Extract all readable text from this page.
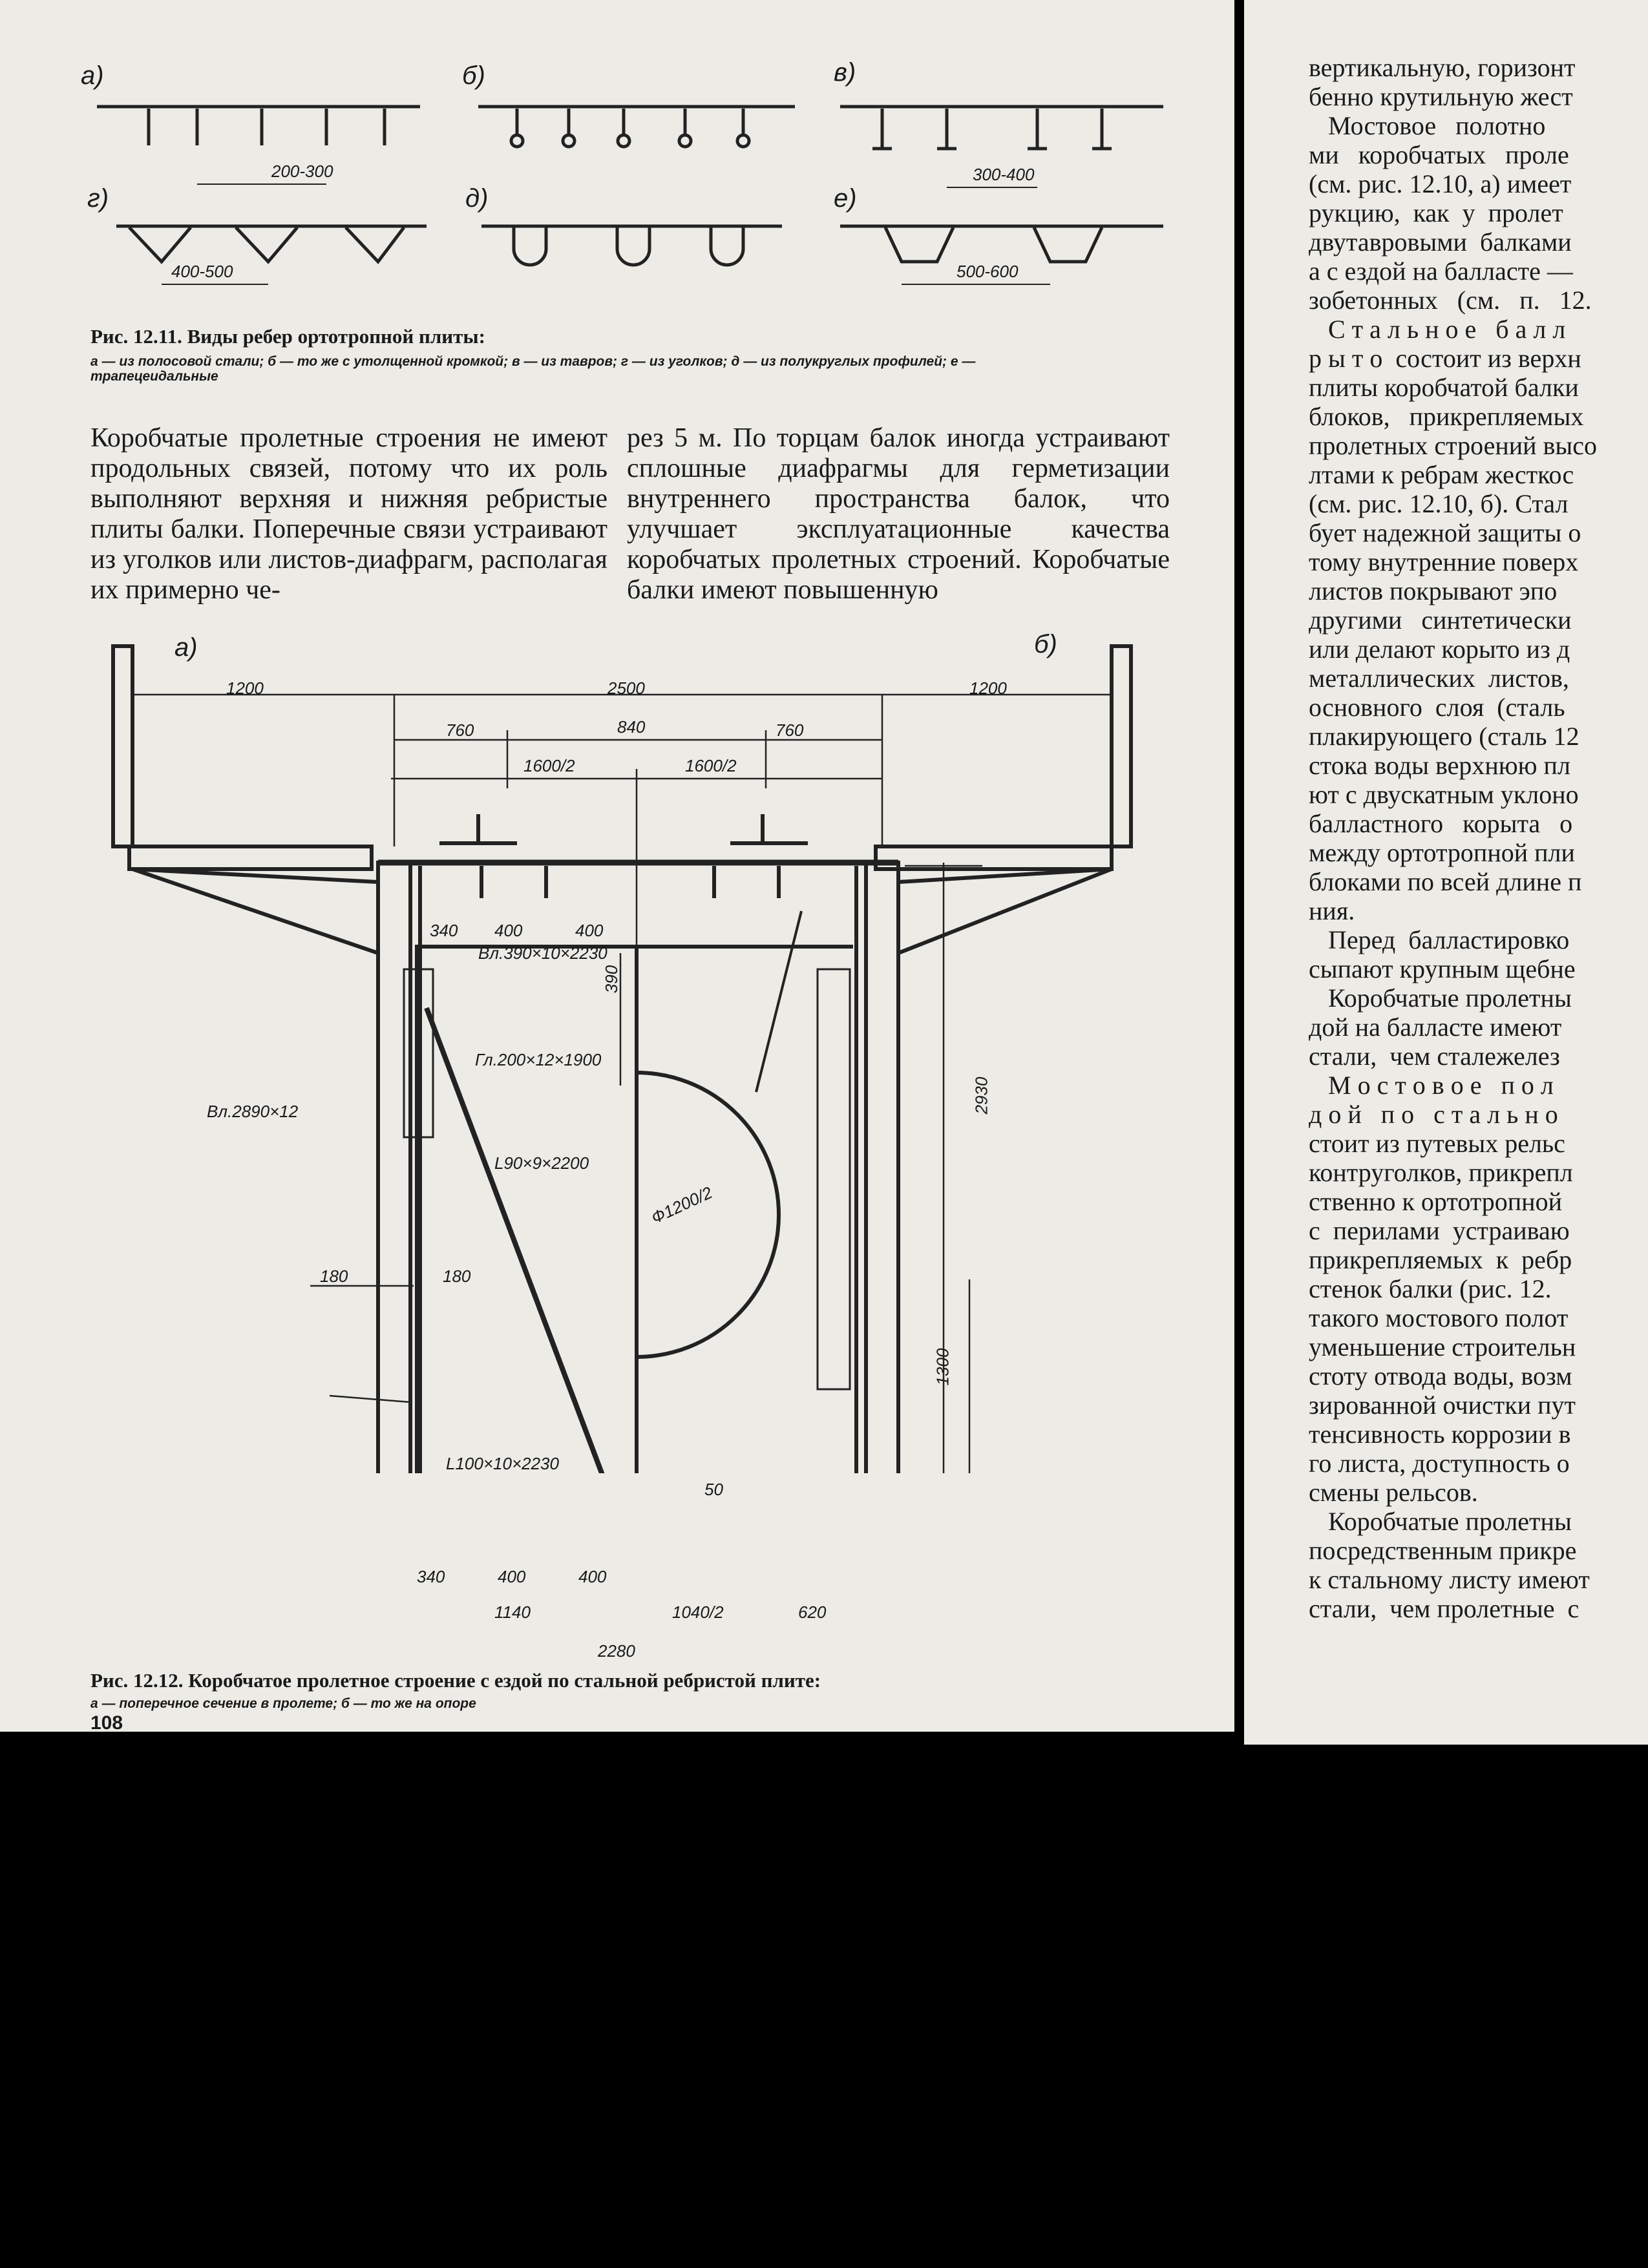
а)	б)	в)
г)	д)	е)
200-300	300-400
400-500	500-600
Рис. 12.11. Виды ребер ортотропной плиты:
а — из полосовой стали; б — то же с утолщенной кромкой; в — из тавров; г — из уголков; д — из полукруглых профилей; е — трапецеидальные
Коробчатые пролетные строения не имеют продольных связей, потому что их роль выполняют верхняя и нижняя ребристые плиты балки. Поперечные связи устраивают из уголков или листов-диафрагм, располагая их примерно че-
рез 5 м. По торцам балок иногда устраивают сплошные диафрагмы для герметизации внутреннего пространства балок, что улучшает эксплуатационные качества коробчатых пролетных строений. Коробчатые балки имеют повышенную
а)	б)
1200	2500	1200
760	840	760
1600/2	1600/2
340 400	400
Вл.390×10×2230
390
Гл.200×12×1900
Вл.2890×12
L90×9×2200
Ф1200/2
2930
180	180
1300
L100×10×2230
50
340	400	400
1140	1040/2	620
2280
Рис. 12.12. Коробчатое пролетное строение с ездой по стальной ребристой плите:
а — поперечное сечение в пролете; б — то же на опоре
108
вертикальную, горизонт
бенно крутильную жест
Мостовое   полотно
ми   коробчатых   проле
(см. рис. 12.10, а) имеет
рукцию,  как  у  пролет
двутавровыми  балками
а с ездой на балласте —
зобетонных   (см.   п.   12.
С т а л ь н о е   б а л л
р ы т о  состоит из верхн
плиты коробчатой балки
блоков,   прикрепляемых
пролетных строений высо
лтами к ребрам жесткос
(см. рис. 12.10, б). Стал
бует надежной защиты о
тому внутренние поверх
листов покрывают эпо
другими   синтетически
или делают корыто из д
металлических  листов,
основного  слоя  (сталь
плакирующего (сталь 12
стока воды верхнюю пл
ют с двускатным уклоно
балластного   корыта   о
между ортотропной пли
блоками по всей длине п
ния.
Перед  балластировко
сыпают крупным щебне
Коробчатые пролетны
дой на балласте имеют
стали,  чем сталежелез
М о с т о в о е   п о л
д о й   п о   с т а л ь н о
стоит из путевых рельс
контруголков, прикрепл
ственно к ортотропной
с  перилами  устраиваю
прикрепляемых  к  ребр
стенок балки (рис. 12.
такого мостового полот
уменьшение строительн
стоту отвода воды, возм
зированной очистки пут
тенсивность коррозии в
го листа, доступность о
смены рельсов.
Коробчатые пролетны
посредственным прикре
к стальному листу имеют
стали,  чем пролетные  с
